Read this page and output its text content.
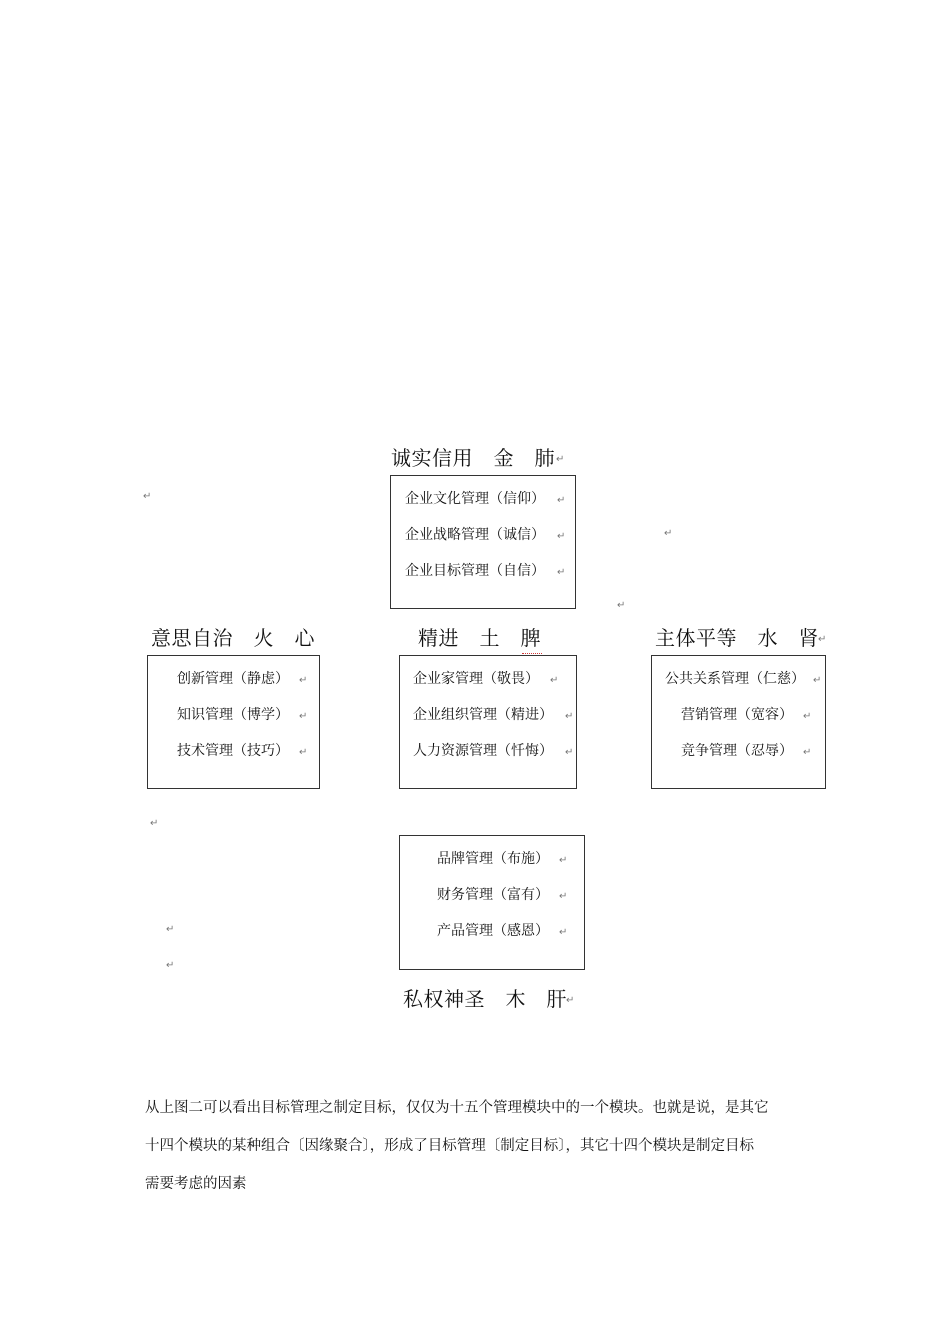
诚实信用　金　肺 ↵
企业文化管理（信仰）
企业战略管理（诚信）
企业目标管理（自信）
↵
↵
↵
↵
↵
↵
意思自治　火　心
创新管理（静虑）
知识管理（博学）
技术管理（技巧）
↵
↵
↵
精进　土　脾
企业家管理（敬畏）
企业组织管理（精进）
人力资源管理（忏悔）
↵
↵
↵
主体平等　水　肾 ↵
公共关系管理（仁慈）
营销管理（宽容）
竞争管理（忍辱）
↵
↵
↵
↵
↵
↵
品牌管理（布施）
财务管理（富有）
产品管理（感恩）
↵
↵
↵
私权神圣　木　肝 ↵

从上图二可以看出目标管理之制定目标，仅仅为十五个管理模块中的一个模块。也就是说，是其它

十四个模块的某种组合〔因缘聚合〕，形成了目标管理〔制定目标〕，其它十四个模块是制定目标

需要考虑的因素
